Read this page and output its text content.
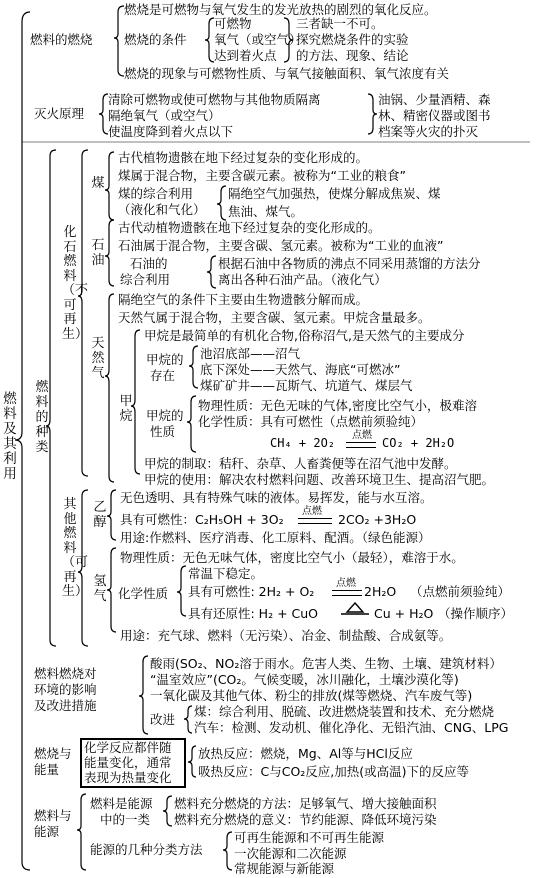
燃料及其利用
燃料的燃烧
燃烧是可燃物与氧气发生的发光放热的剧烈的氧化反应。
燃烧的条件
可燃物
氧气（或空气）
达到着火点
三者缺一不可。
探究燃烧条件的实验
的方法、现象、结论
燃烧的现象与可燃物性质、与氧气接触面积、氧气浓度有关
灭火原理
清除可燃物或使可燃物与其他物质隔离
隔绝氧气（或空气）
使温度降到着火点以下
油锅、少量酒精、森
林、精密仪器或图书
档案等火灾的扑灭
燃料的种类
化石燃料（不可再生）
煤
古代植物遗骸在地下经过复杂的变化形成的。
煤属于混合物，主要含碳元素。被称为“工业的粮食”
煤的综合利用
（液化和气化）
隔绝空气加强热，使煤分解成焦炭、煤
焦油、煤气。
石油
古代动植物遗骸在地下经过复杂的变化形成的。
石油属于混合物，主要含碳、氢元素。被称为“工业的血液”
石油的
综合利用
根据石油中各物质的沸点不同采用蒸馏的方法分
离出各种石油产品。（液化气）
天然气
隔绝空气的条件下主要由生物遗骸分解而成。
天然气属于混合物，主要含碳、氢元素。甲烷含量最多。
甲烷
甲烷是最简单的有机化合物,俗称沼气,是天然气的主要成分
甲烷的
存在
池沼底部——沼气
底下深处——天然气、海底“可燃冰”
煤矿矿井——瓦斯气、坑道气、煤层气
甲烷的
性质
物理性质：无色无味的气体,密度比空气小，极难溶
化学性质：具有可燃性（点燃前须验纯）
CH₄ + 2O₂
点燃
CO₂ + 2H₂O
甲烷的制取：秸秆、杂草、人畜粪便等在沼气池中发酵。
甲烷的使用：解决农村燃料问题、改善环境卫生、提高沼气肥。
其他燃料（可再生）
乙醇
无色透明、具有特殊气味的液体。易挥发，能与水互溶。
具有可燃性：C₂H₅OH + 3O₂
点燃
2CO₂ +3H₂O
用途:作燃料、医疗消毒、化工原料、配酒。（绿色能源）
氢气
物理性质：无色无味气体，密度比空气小（最轻），难溶于水。
化学性质
常温下稳定。
具有可燃性: 2H₂ + O₂
点燃
2H₂O （点燃前须验纯）
具有还原性: H₂ + CuO	Cu + H₂O （操作顺序）
用途：充气球、燃料（无污染）、冶金、制盐酸、合成氨等。
燃料燃烧对
环境的影响
及改进措施
酸雨(SO₂、NO₂溶于雨水。危害人类、生物、土壤、建筑材料）
“温室效应”(CO₂。气候变暖，冰川融化，土壤沙漠化等)
一氧化碳及其他气体、粉尘的排放(煤等燃烧、汽车废气等)
改进
煤：综合利用、脱硫、改进燃烧装置和技术、充分燃烧
汽车：检测、发动机、催化净化、无铅汽油、CNG、LPG
燃烧与
能量
化学反应都伴随
能量变化，通常
表现为热量变化
放热反应：燃烧，Mg、Al等与HCl反应
吸热反应：C与CO₂反应,加热(或高温)下的反应等
燃料与
能源
燃料是能源
中的一类
燃料充分燃烧的方法：足够氧气、增大接触面积
燃料充分燃烧的意义：节约能源、降低环境污染
能源的几种分类方法
可再生能源和不可再生能源
一次能源和二次能源
常规能源与新能源
